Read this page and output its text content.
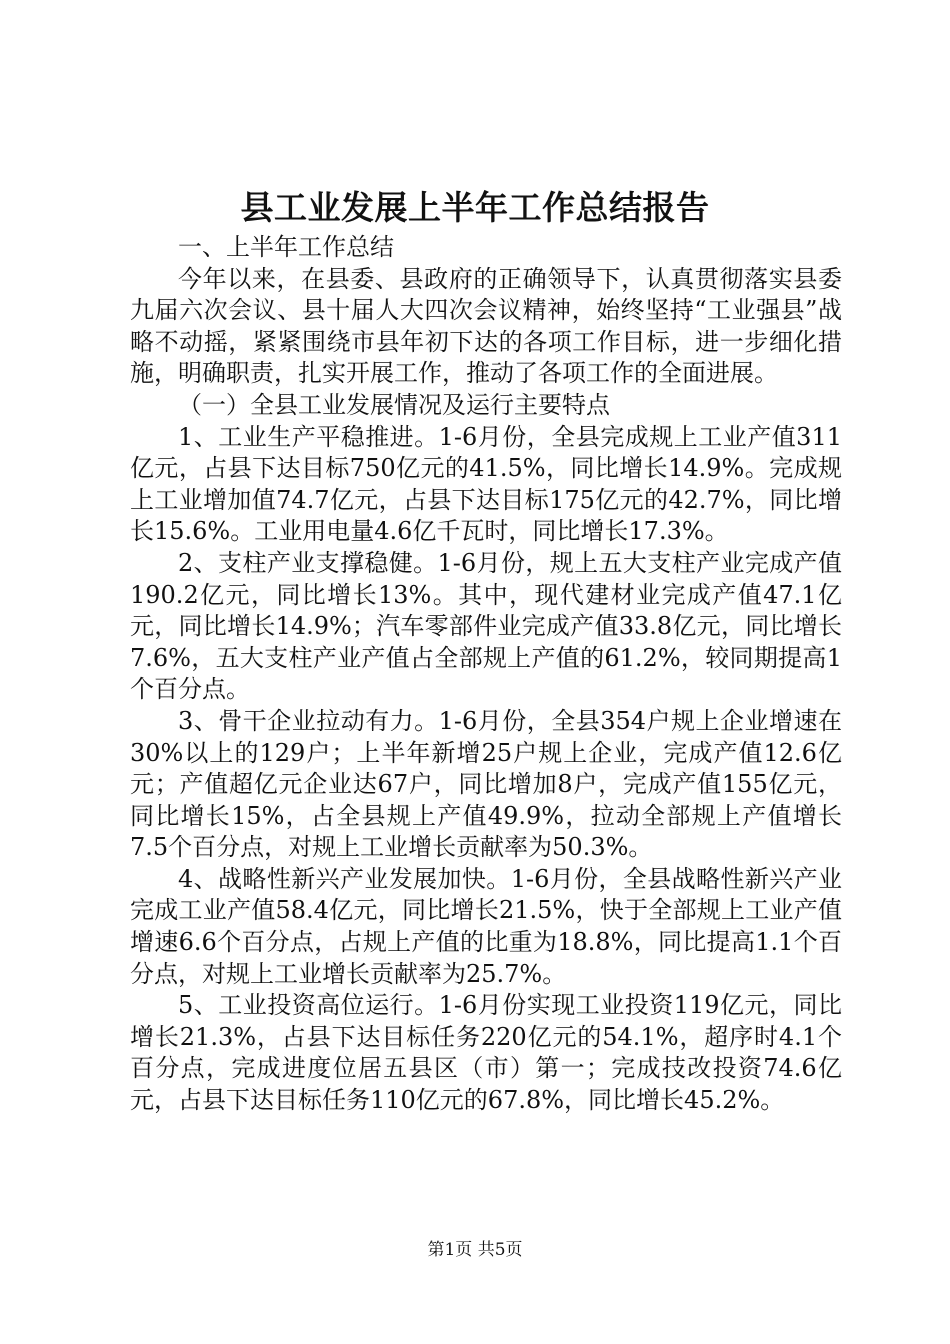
县工业发展上半年工作总结报告

一、上半年工作总结

今年以来，在县委、县政府的正确领导下，认真贯彻落实县委九届六次会议、县十届人大四次会议精神，始终坚持“工业强县”战略不动摇，紧紧围绕市县年初下达的各项工作目标，进一步细化措施，明确职责，扎实开展工作，推动了各项工作的全面进展。

（一）全县工业发展情况及运行主要特点

1、工业生产平稳推进。1-6月份，全县完成规上工业产值311亿元，占县下达目标750亿元的41.5%，同比增长14.9%。完成规上工业增加值74.7亿元，占县下达目标175亿元的42.7%，同比增长15.6%。工业用电量4.6亿千瓦时，同比增长17.3%。

2、支柱产业支撑稳健。1-6月份，规上五大支柱产业完成产值190.2亿元，同比增长13%。其中，现代建材业完成产值47.1亿元，同比增长14.9%；汽车零部件业完成产值33.8亿元，同比增长7.6%，五大支柱产业产值占全部规上产值的61.2%，较同期提高1个百分点。

3、骨干企业拉动有力。1-6月份，全县354户规上企业增速在30%以上的129户；上半年新增25户规上企业，完成产值12.6亿元；产值超亿元企业达67户，同比增加8户，完成产值155亿元，同比增长15%，占全县规上产值49.9%，拉动全部规上产值增长7.5个百分点，对规上工业增长贡献率为50.3%。

4、战略性新兴产业发展加快。1-6月份，全县战略性新兴产业完成工业产值58.4亿元，同比增长21.5%，快于全部规上工业产值增速6.6个百分点，占规上产值的比重为18.8%，同比提高1.1个百分点，对规上工业增长贡献率为25.7%。

5、工业投资高位运行。1-6月份实现工业投资119亿元，同比增长21.3%，占县下达目标任务220亿元的54.1%，超序时4.1个百分点，完成进度位居五县区（市）第一；完成技改投资74.6亿元，占县下达目标任务110亿元的67.8%，同比增长45.2%。

第1页 共5页
